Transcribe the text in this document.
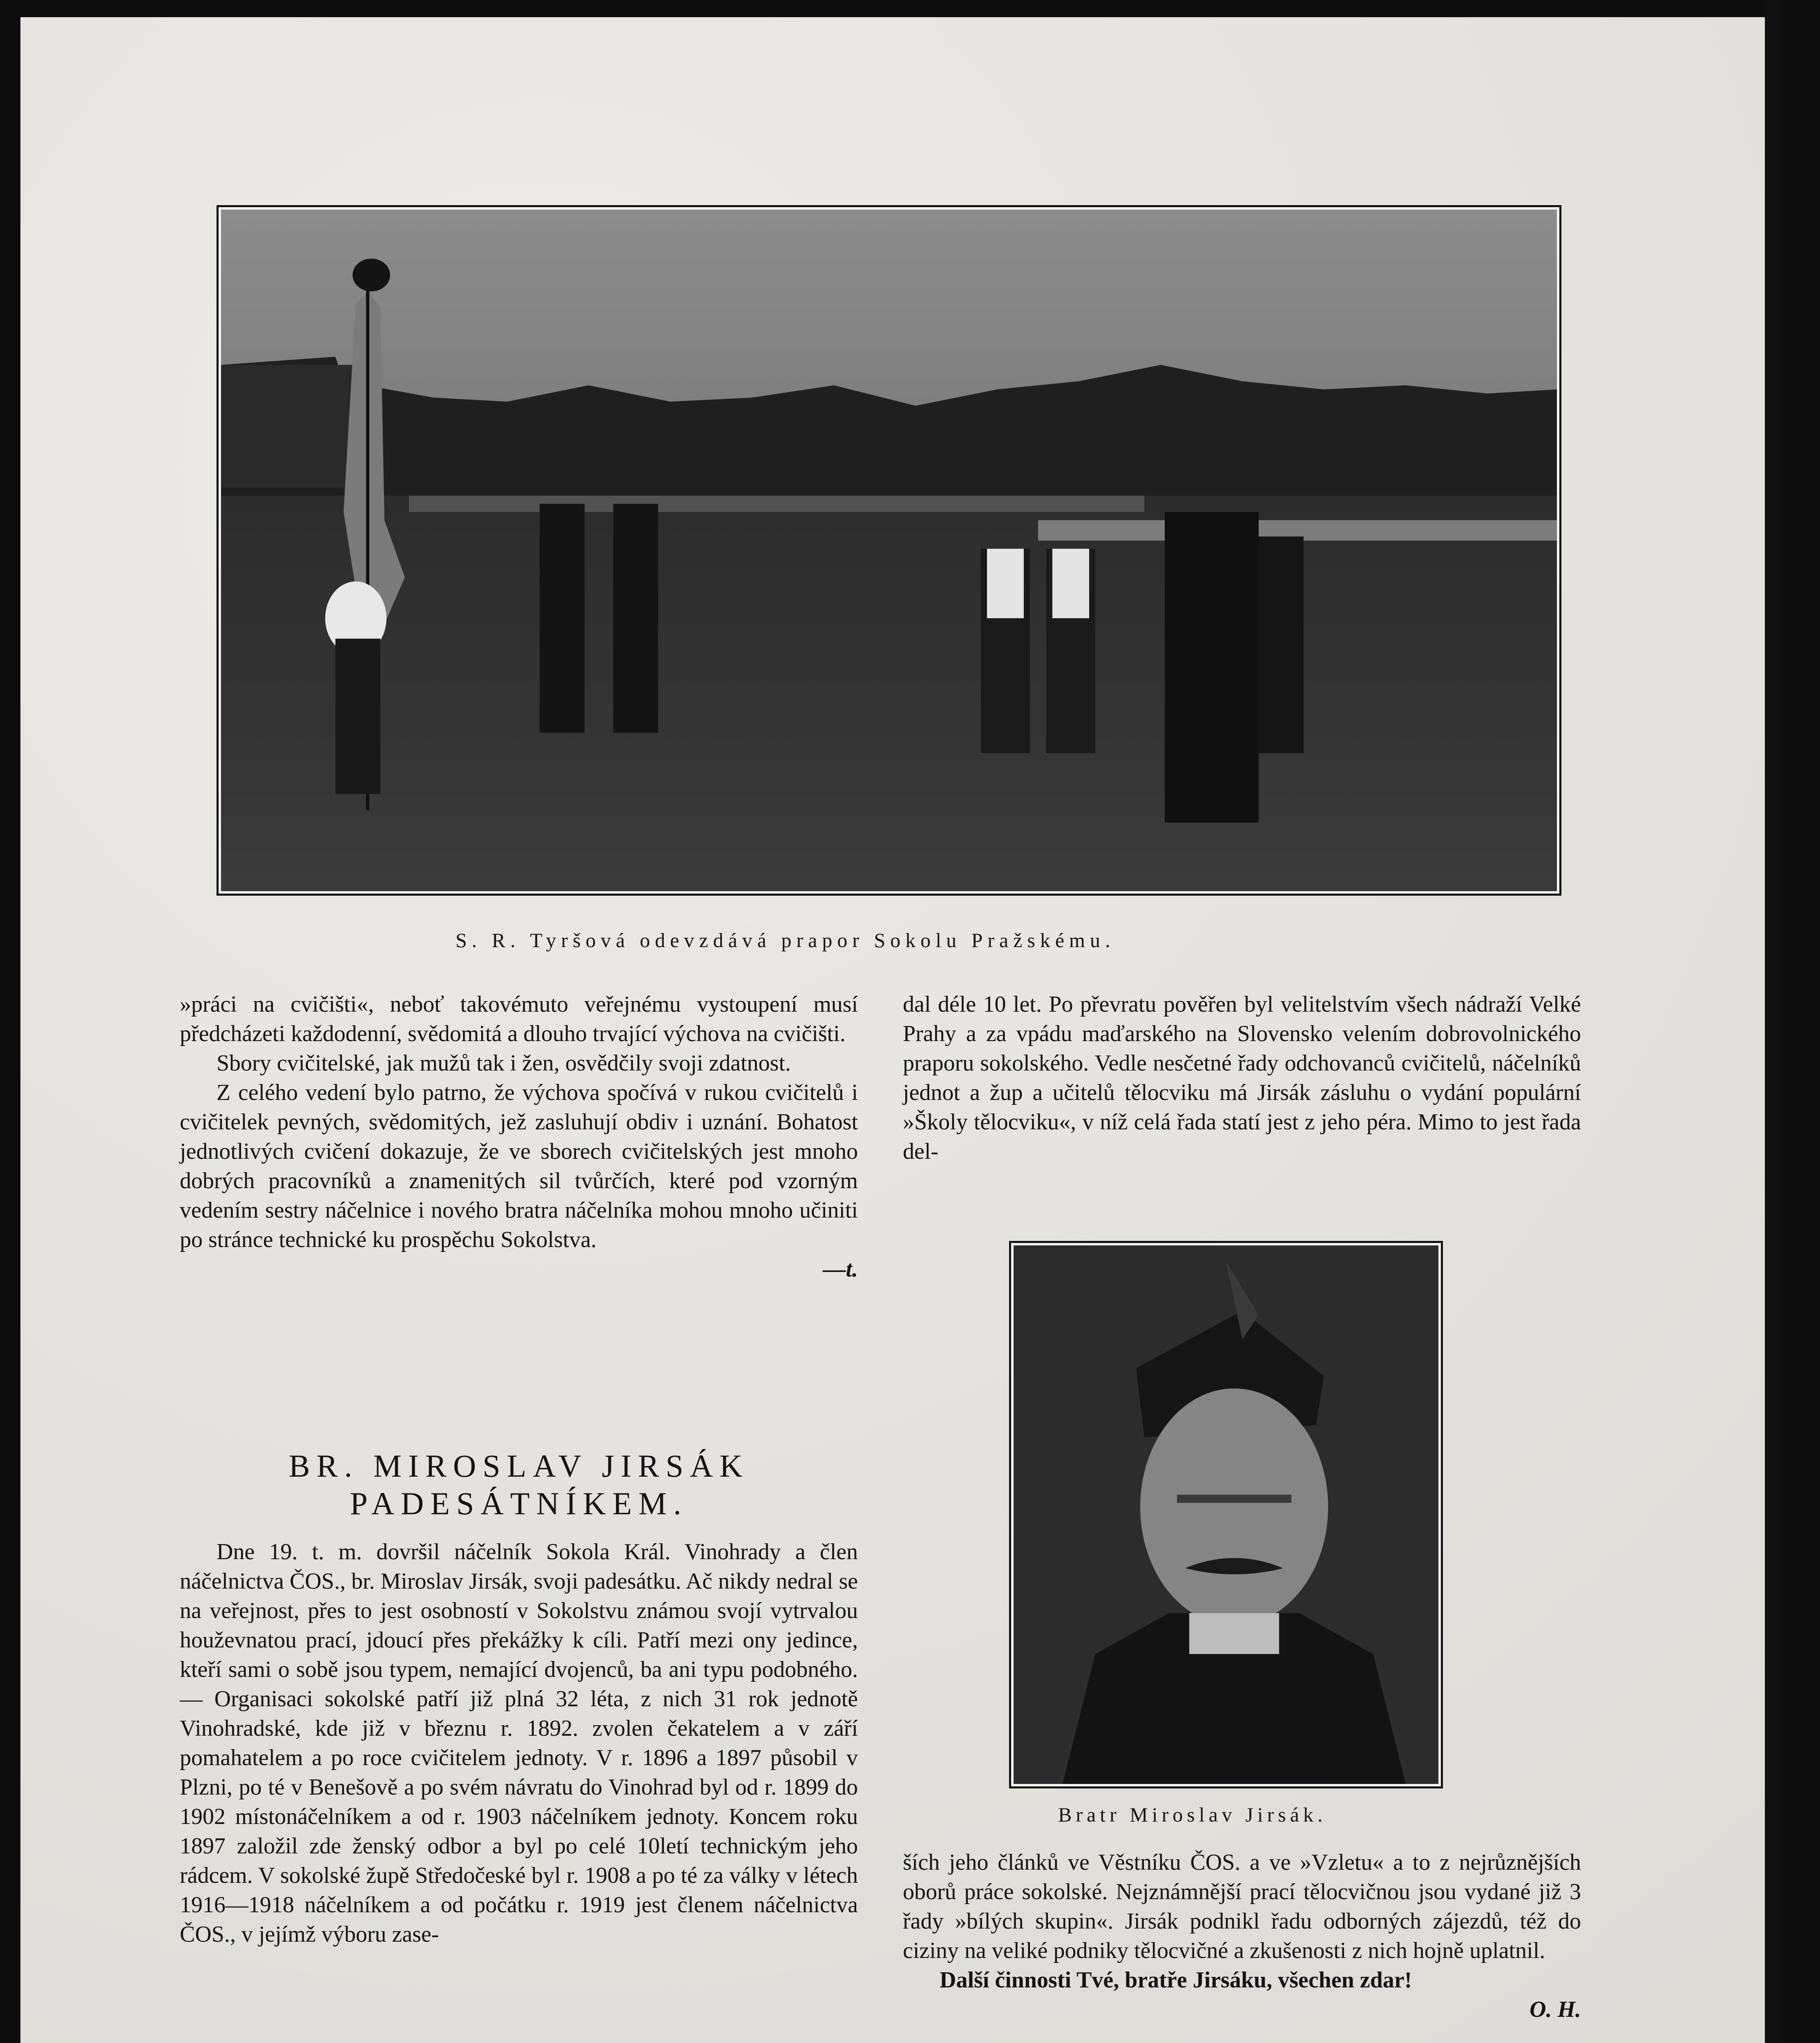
S. R. Tyršová odevzdává prapor Sokolu Pražskému.

»práci na cvičišti«, neboť takovémuto veřejnému vystoupení musí předcházeti každodenní, svědomitá a dlouho trvající výchova na cvičišti.

Sbory cvičitelské, jak mužů tak i žen, osvědčily svoji zdatnost.

Z celého vedení bylo patrno, že výchova spočívá v rukou cvičitelů i cvičitelek pevných, svědomitých, jež zasluhují obdiv i uznání. Bohatost jednotlivých cvičení dokazuje, že ve sborech cvičitelských jest mnoho dobrých pracovníků a znamenitých sil tvůrčích, které pod vzorným vedením sestry náčelnice i nového bratra náčelníka mohou mnoho učiniti po stránce technické ku prospěchu Sokolstva.

—t.

BR. MIROSLAV JIRSÁK
PADESÁTNÍKEM.

Dne 19. t. m. dovršil náčelník Sokola Král. Vinohrady a člen náčelnictva ČOS., br. Miroslav Jirsák, svoji padesátku. Ač nikdy nedral se na veřejnost, přes to jest osobností v Sokolstvu známou svojí vytrvalou houževnatou prací, jdoucí přes překážky k cíli. Patří mezi ony jedince, kteří sami o sobě jsou typem, nemající dvojenců, ba ani typu podobného. — Organisaci sokolské patří již plná 32 léta, z nich 31 rok jednotě Vinohradské, kde již v březnu r. 1892. zvolen čekatelem a v září pomahatelem a po roce cvičitelem jednoty. V r. 1896 a 1897 působil v Plzni, po té v Benešově a po svém návratu do Vinohrad byl od r. 1899 do 1902 místonáčelníkem a od r. 1903 náčelníkem jednoty. Koncem roku 1897 založil zde ženský odbor a byl po celé 10letí technickým jeho rádcem. V sokolské župě Středočeské byl r. 1908 a po té za války v létech 1916—1918 náčelníkem a od počátku r. 1919 jest členem náčelnictva ČOS., v jejímž výboru zase-

dal déle 10 let. Po převratu pověřen byl velitelstvím všech nádraží Velké Prahy a za vpádu maďarského na Slovensko velením dobrovolnického praporu sokolského. Vedle nesčetné řady odchovanců cvičitelů, náčelníků jednot a žup a učitelů tělocviku má Jirsák zásluhu o vydání populární »Školy tělocviku«, v níž celá řada statí jest z jeho péra. Mimo to jest řada del-

Bratr Miroslav Jirsák.

ších jeho článků ve Věstníku ČOS. a ve »Vzletu« a to z nejrůznějších oborů práce sokolské. Nejznámnější prací tělocvičnou jsou vydané již 3 řady »bílých skupin«. Jirsák podnikl řadu odborných zájezdů, též do ciziny na veliké podniky tělocvičné a zkušenosti z nich hojně uplatnil.

Další činnosti Tvé, bratře Jirsáku, všechen zdar!

O. H.
